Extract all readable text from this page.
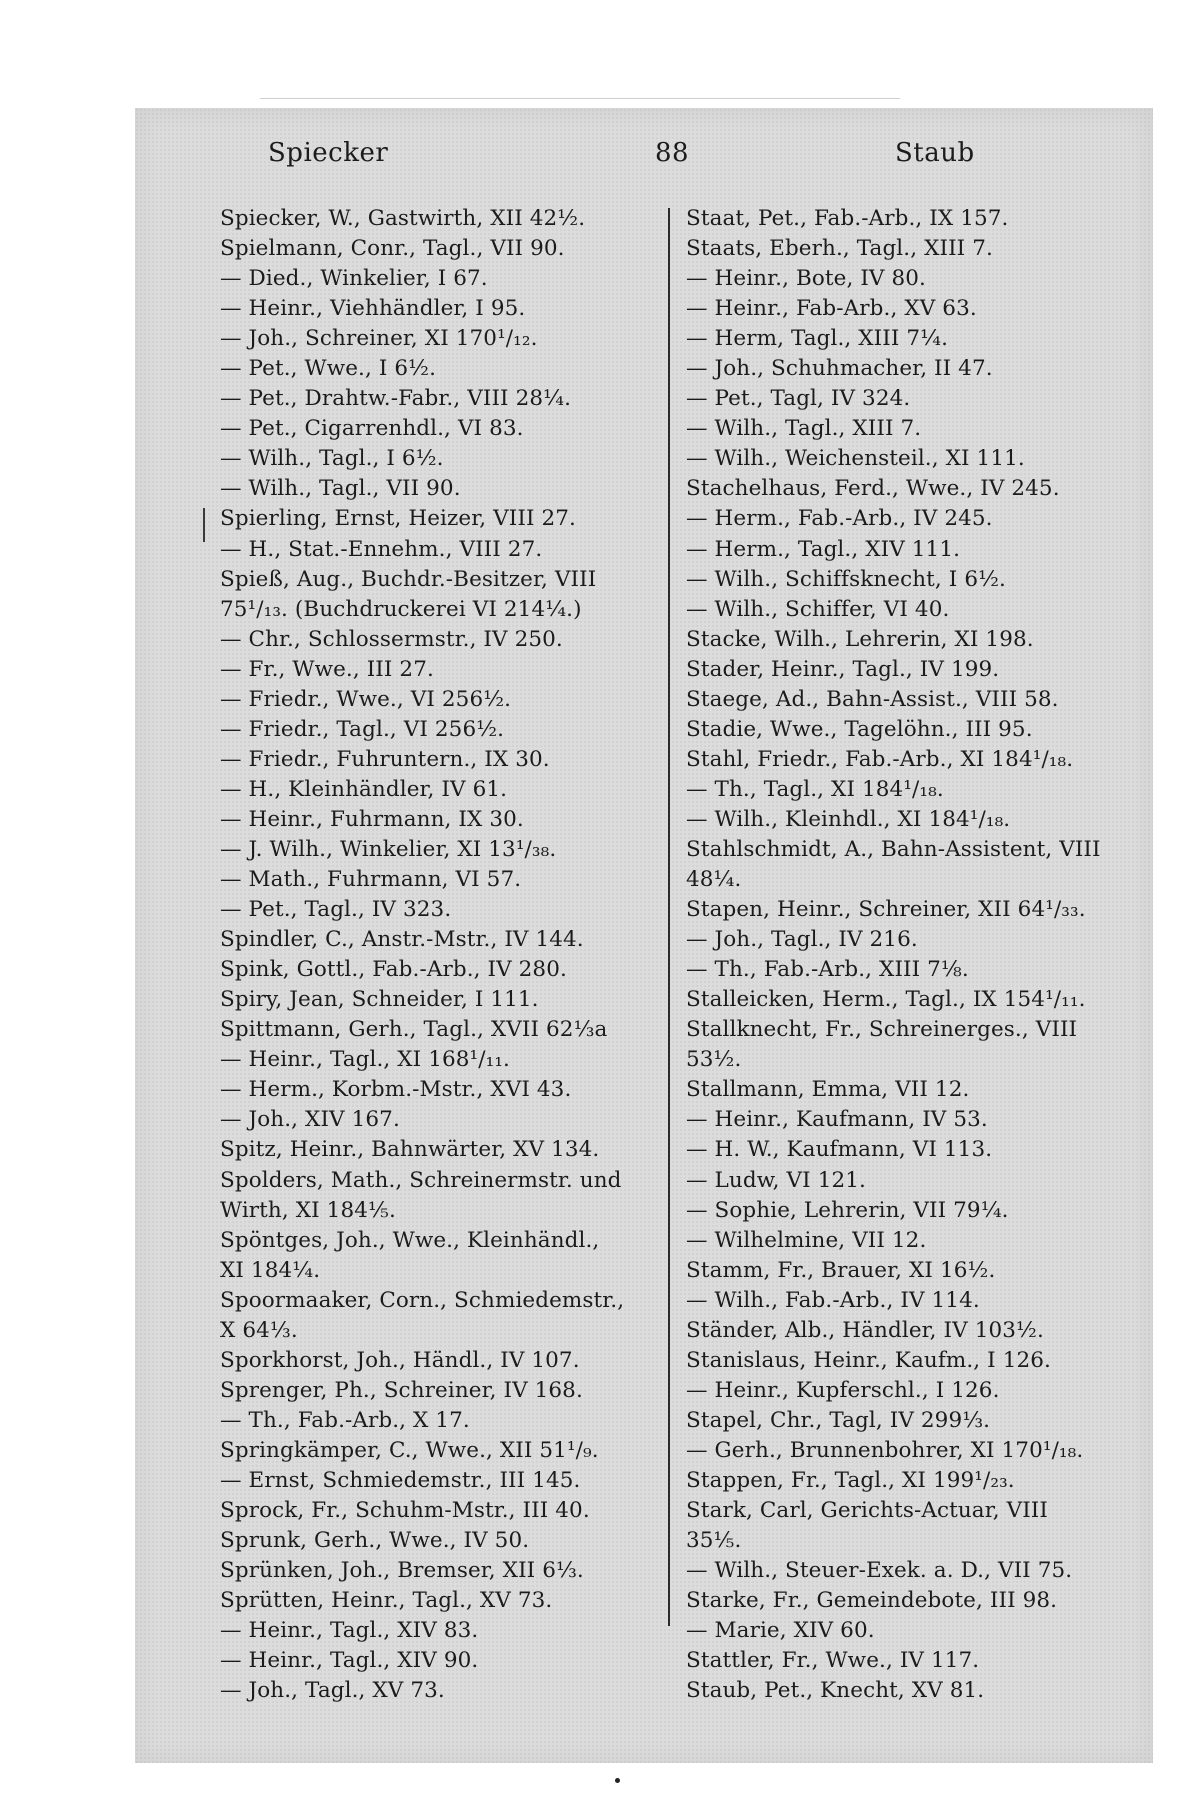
Spiecker	88	Staub
Spiecker, W., Gastwirth, XII 42½.
Spielmann, Conr., Tagl., VII 90.
— Died., Winkelier, I 67.
— Heinr., Viehhändler, I 95.
— Joh., Schreiner, XI 170¹/₁₂.
— Pet., Wwe., I 6½.
— Pet., Drahtw.-Fabr., VIII 28¼.
— Pet., Cigarrenhdl., VI 83.
— Wilh., Tagl., I 6½.
— Wilh., Tagl., VII 90.
Spierling, Ernst, Heizer, VIII 27.
— H., Stat.-Ennehm., VIII 27.
Spieß, Aug., Buchdr.-Besitzer, VIII
75¹/₁₃. (Buchdruckerei VI 214¼.)
— Chr., Schlossermstr., IV 250.
— Fr., Wwe., III 27.
— Friedr., Wwe., VI 256½.
— Friedr., Tagl., VI 256½.
— Friedr., Fuhruntern., IX 30.
— H., Kleinhändler, IV 61.
— Heinr., Fuhrmann, IX 30.
— J. Wilh., Winkelier, XI 13¹/₃₈.
— Math., Fuhrmann, VI 57.
— Pet., Tagl., IV 323.
Spindler, C., Anstr.-Mstr., IV 144.
Spink, Gottl., Fab.-Arb., IV 280.
Spiry, Jean, Schneider, I 111.
Spittmann, Gerh., Tagl., XVII 62⅓a
— Heinr., Tagl., XI 168¹/₁₁.
— Herm., Korbm.-Mstr., XVI 43.
— Joh., XIV 167.
Spitz, Heinr., Bahnwärter, XV 134.
Spolders, Math., Schreinermstr. und
Wirth, XI 184⅕.
Spöntges, Joh., Wwe., Kleinhändl.,
XI 184¼.
Spoormaaker, Corn., Schmiedemstr.,
X 64⅓.
Sporkhorst, Joh., Händl., IV 107.
Sprenger, Ph., Schreiner, IV 168.
— Th., Fab.-Arb., X 17.
Springkämper, C., Wwe., XII 51¹/₉.
— Ernst, Schmiedemstr., III 145.
Sprock, Fr., Schuhm-Mstr., III 40.
Sprunk, Gerh., Wwe., IV 50.
Sprünken, Joh., Bremser, XII 6⅓.
Sprütten, Heinr., Tagl., XV 73.
— Heinr., Tagl., XIV 83.
— Heinr., Tagl., XIV 90.
— Joh., Tagl., XV 73.
Staat, Pet., Fab.-Arb., IX 157.
Staats, Eberh., Tagl., XIII 7.
— Heinr., Bote, IV 80.
— Heinr., Fab-Arb., XV 63.
— Herm, Tagl., XIII 7¼.
— Joh., Schuhmacher, II 47.
— Pet., Tagl, IV 324.
— Wilh., Tagl., XIII 7.
— Wilh., Weichensteil., XI 111.
Stachelhaus, Ferd., Wwe., IV 245.
— Herm., Fab.-Arb., IV 245.
— Herm., Tagl., XIV 111.
— Wilh., Schiffsknecht, I 6½.
— Wilh., Schiffer, VI 40.
Stacke, Wilh., Lehrerin, XI 198.
Stader, Heinr., Tagl., IV 199.
Staege, Ad., Bahn-Assist., VIII 58.
Stadie, Wwe., Tagelöhn., III 95.
Stahl, Friedr., Fab.-Arb., XI 184¹/₁₈.
— Th., Tagl., XI 184¹/₁₈.
— Wilh., Kleinhdl., XI 184¹/₁₈.
Stahlschmidt, A., Bahn-Assistent, VIII
48¼.
Stapen, Heinr., Schreiner, XII 64¹/₃₃.
— Joh., Tagl., IV 216.
— Th., Fab.-Arb., XIII 7⅛.
Stalleicken, Herm., Tagl., IX 154¹/₁₁.
Stallknecht, Fr., Schreinerges., VIII
53½.
Stallmann, Emma, VII 12.
— Heinr., Kaufmann, IV 53.
— H. W., Kaufmann, VI 113.
— Ludw, VI 121.
— Sophie, Lehrerin, VII 79¼.
— Wilhelmine, VII 12.
Stamm, Fr., Brauer, XI 16½.
— Wilh., Fab.-Arb., IV 114.
Ständer, Alb., Händler, IV 103½.
Stanislaus, Heinr., Kaufm., I 126.
— Heinr., Kupferschl., I 126.
Stapel, Chr., Tagl, IV 299⅓.
— Gerh., Brunnenbohrer, XI 170¹/₁₈.
Stappen, Fr., Tagl., XI 199¹/₂₃.
Stark, Carl, Gerichts-Actuar, VIII
35⅕.
— Wilh., Steuer-Exek. a. D., VII 75.
Starke, Fr., Gemeindebote, III 98.
— Marie, XIV 60.
Stattler, Fr., Wwe., IV 117.
Staub, Pet., Knecht, XV 81.
